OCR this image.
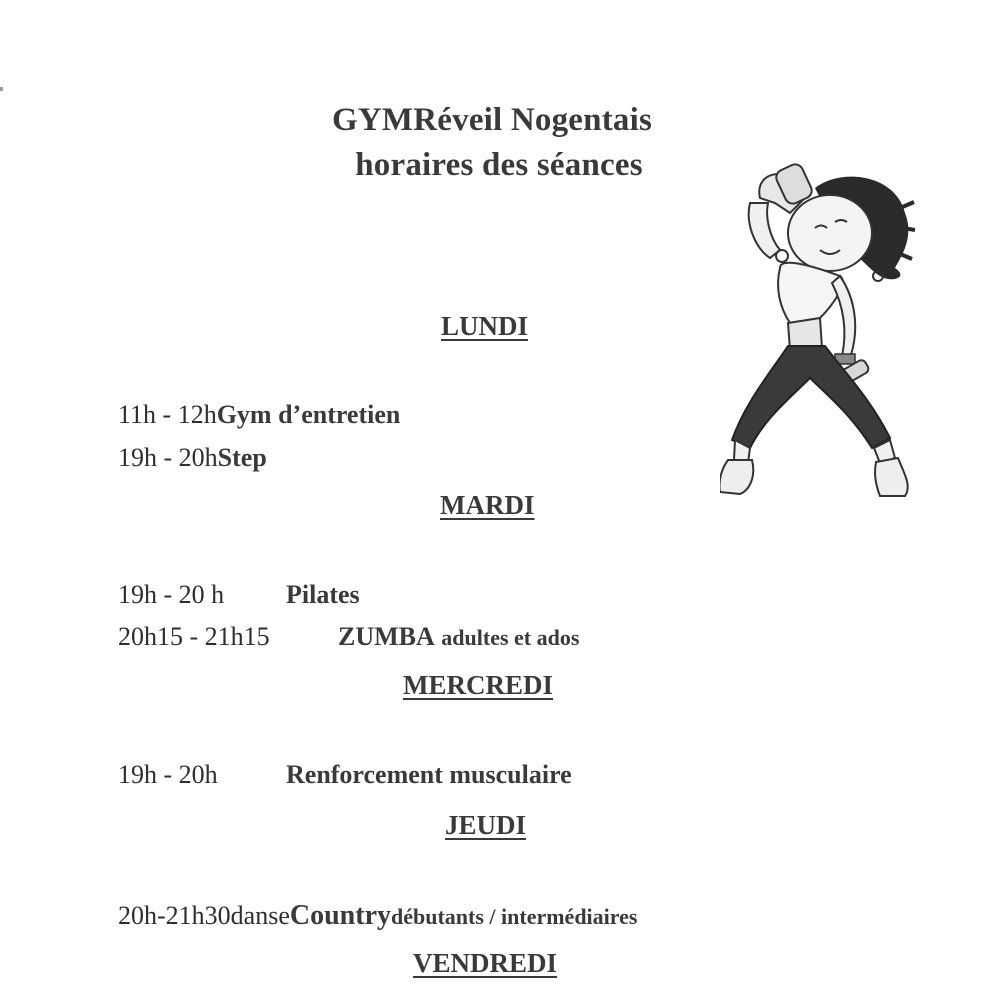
GYMRéveil Nogentais
horaires des séances
LUNDI

11h - 12hGym d’entretien

19h - 20hStep

MARDI

19h - 20 h Pilates

20h15 - 21h15	ZUMBA adultes et ados

MERCREDI

19h - 20h	Renforcement musculaire

JEUDI

20h-21h30danseCountrydébutants / intermédiaires

VENDREDI
